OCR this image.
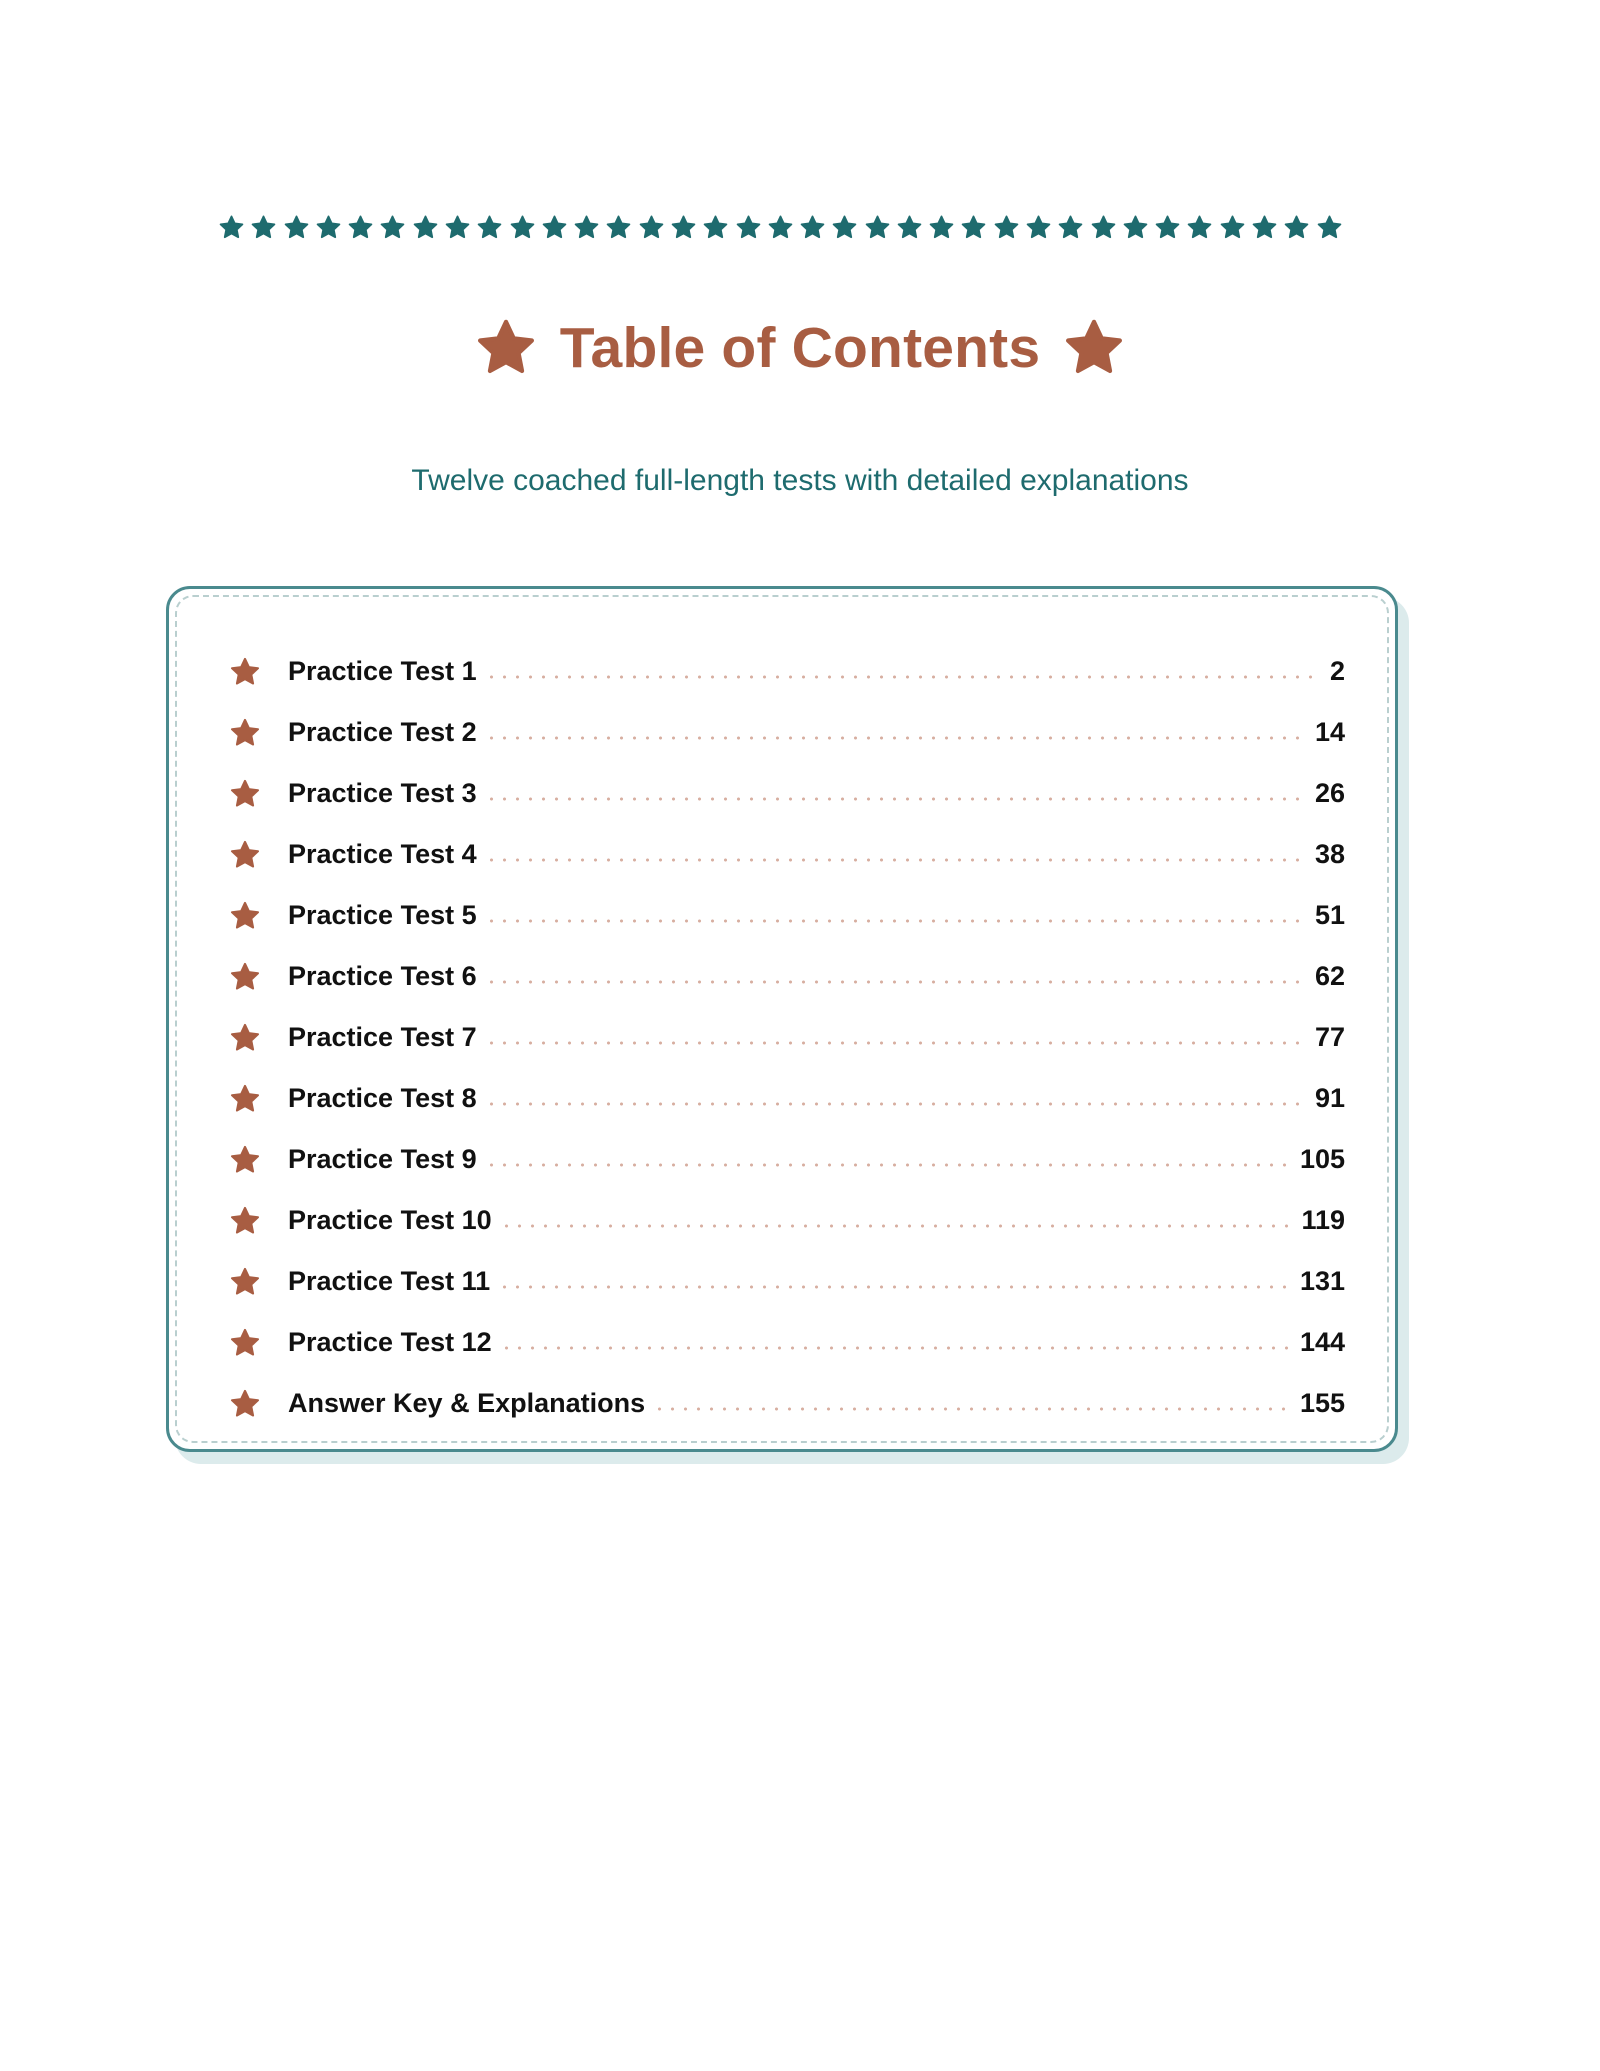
Table of Contents
Twelve coached full-length tests with detailed explanations
Practice Test 1	2
Practice Test 2	14
Practice Test 3	26
Practice Test 4	38
Practice Test 5	51
Practice Test 6	62
Practice Test 7	77
Practice Test 8	91
Practice Test 9	105
Practice Test 10	119
Practice Test 11	131
Practice Test 12	144
Answer Key & Explanations	155
